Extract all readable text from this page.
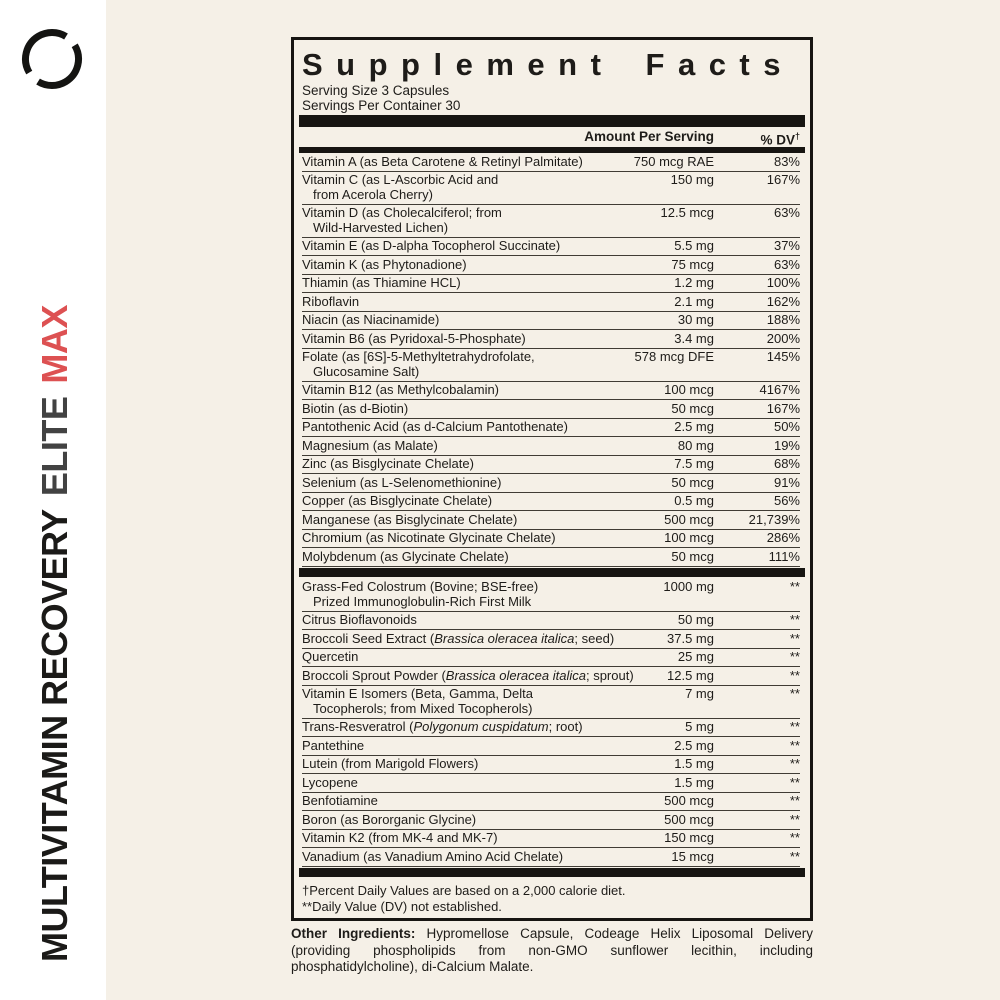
MULTIVITAMIN RECOVERYELITEMAX
Supplement Facts
Serving Size 3 Capsules
Servings Per Container 30
Amount Per Serving	% DV†
Vitamin A (as Beta Carotene & Retinyl Palmitate)	750 mcg RAE	83%
Vitamin C (as L-Ascorbic Acid and	150 mg	167%
from Acerola Cherry)
Vitamin D (as Cholecalciferol; from	12.5 mcg	63%
Wild-Harvested Lichen)
Vitamin E (as D-alpha Tocopherol Succinate)	5.5 mg	37%
Vitamin K (as Phytonadione)	75 mcg	63%
Thiamin (as Thiamine HCL)	1.2 mg	100%
Riboflavin	2.1 mg	162%
Niacin (as Niacinamide)	30 mg	188%
Vitamin B6 (as Pyridoxal-5-Phosphate)	3.4 mg	200%
Folate (as [6S]-5-Methyltetrahydrofolate,	578 mcg DFE	145%
Glucosamine Salt)
Vitamin B12 (as Methylcobalamin)	100 mcg	4167%
Biotin (as d-Biotin)	50 mcg	167%
Pantothenic Acid (as d-Calcium Pantothenate)	2.5 mg	50%
Magnesium (as Malate)	80 mg	19%
Zinc (as Bisglycinate Chelate)	7.5 mg	68%
Selenium (as L-Selenomethionine)	50 mcg	91%
Copper (as Bisglycinate Chelate)	0.5 mg	56%
Manganese (as Bisglycinate Chelate)	500 mcg	21,739%
Chromium (as Nicotinate Glycinate Chelate)	100 mcg	286%
Molybdenum (as Glycinate Chelate)	50 mcg	111%
Grass-Fed Colostrum (Bovine; BSE-free)	1000 mg	**
Prized Immunoglobulin-Rich First Milk
Citrus Bioflavonoids	50 mg	**
Broccoli Seed Extract (Brassica oleracea italica; seed)	37.5 mg	**
Quercetin	25 mg	**
Broccoli Sprout Powder (Brassica oleracea italica; sprout)	12.5 mg	**
Vitamin E Isomers (Beta, Gamma, Delta	7 mg	**
Tocopherols; from Mixed Tocopherols)
Trans-Resveratrol (Polygonum cuspidatum; root)	5 mg	**
Pantethine	2.5 mg	**
Lutein (from Marigold Flowers)	1.5 mg	**
Lycopene	1.5 mg	**
Benfotiamine	500 mcg	**
Boron (as Bororganic Glycine)	500 mcg	**
Vitamin K2 (from MK-4 and MK-7)	150 mcg	**
Vanadium (as Vanadium Amino Acid Chelate)	15 mcg	**
†Percent Daily Values are based on a 2,000 calorie diet.
**Daily Value (DV) not established.
Other Ingredients: Hypromellose Capsule, Codeage Helix Liposomal Delivery (providing phospholipids from non-GMO sunflower lecithin, including phosphatidylcholine), di-Calcium Malate.
